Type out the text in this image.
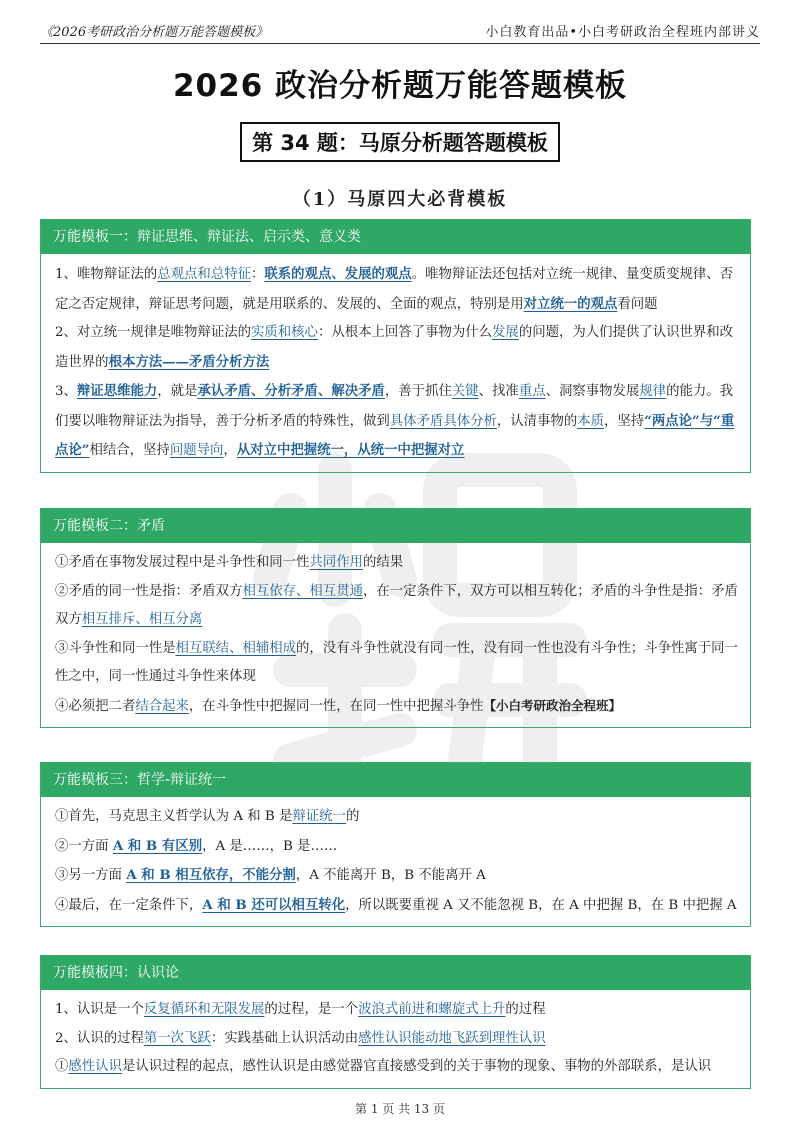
《2026考研政治分析题万能答题模板》	小白教育出品•小白考研政治全程班内部讲义
2026 政治分析题万能答题模板
第 34 题：马原分析题答题模板
（1）马原四大必背模板
万能模板一：辩证思维、辩证法、启示类、意义类

1、唯物辩证法的总观点和总特征：联系的观点、发展的观点。唯物辩证法还包括对立统一规律、量变质变规律、否定之否定规律，辩证思考问题，就是用联系的、发展的、全面的观点，特别是用对立统一的观点看问题

2、对立统一规律是唯物辩证法的实质和核心：从根本上回答了事物为什么发展的问题，为人们提供了认识世界和改造世界的根本方法——矛盾分析方法

3、辩证思维能力，就是承认矛盾、分析矛盾、解决矛盾，善于抓住关键、找准重点、洞察事物发展规律的能力。我们要以唯物辩证法为指导，善于分析矛盾的特殊性，做到具体矛盾具体分析，认清事物的本质，坚持“两点论”与“重点论”相结合，坚持问题导向，从对立中把握统一，从统一中把握对立

万能模板二：矛盾

①矛盾在事物发展过程中是斗争性和同一性共同作用的结果

②矛盾的同一性是指：矛盾双方相互依存、相互贯通，在一定条件下，双方可以相互转化；矛盾的斗争性是指：矛盾双方相互排斥、相互分离

③斗争性和同一性是相互联结、相辅相成的，没有斗争性就没有同一性，没有同一性也没有斗争性；斗争性寓于同一性之中，同一性通过斗争性来体现

④必须把二者结合起来，在斗争性中把握同一性，在同一性中把握斗争性【小白考研政治全程班】

万能模板三：哲学-辩证统一

①首先，马克思主义哲学认为 A 和 B 是辩证统一的

②一方面 A 和 B 有区别，A 是……，B 是……

③另一方面 A 和 B 相互依存，不能分割，A 不能离开 B，B 不能离开 A

④最后，在一定条件下，A 和 B 还可以相互转化，所以既要重视 A 又不能忽视 B，在 A 中把握 B，在 B 中把握 A

万能模板四：认识论

1、认识是一个反复循环和无限发展的过程，是一个波浪式前进和螺旋式上升的过程

2、认识的过程第一次飞跃：实践基础上认识活动由感性认识能动地飞跃到理性认识

①感性认识是认识过程的起点，感性认识是由感觉器官直接感受到的关于事物的现象、事物的外部联系，是认识

第 1 页 共 13 页
